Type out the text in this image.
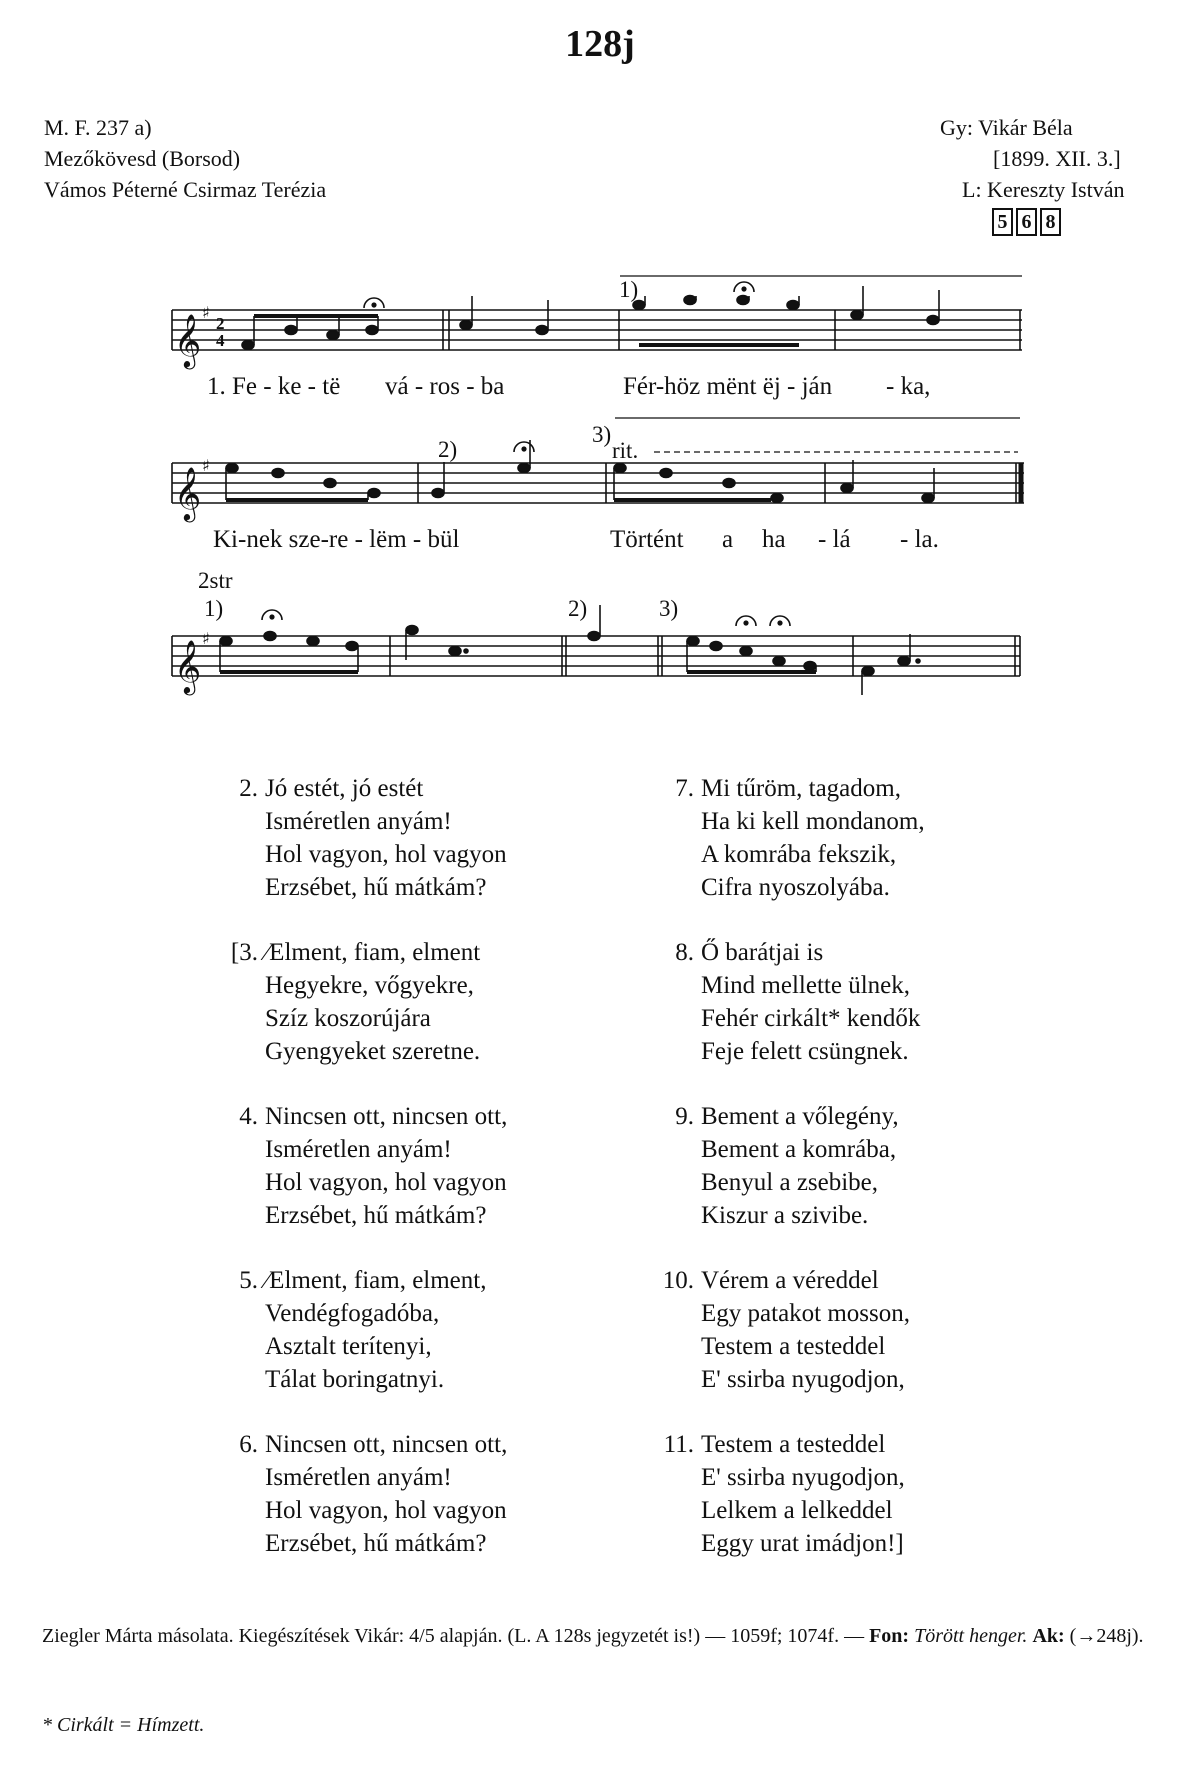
128j
M. F. 237 a)
Mezőkövesd (Borsod)
Vámos Péterné Csirmaz Terézia
Gy: Vikár Béla
[1899. XII. 3.]
L: Kereszty István
5 6 8
𝄞
𝄞
𝄞
♯
♯
♯
2
4
1)
1. Fe - ke - të vá - ros - ba	Fér-höz mënt ëj - ján - ka,
2)
3)
rit.
Ki-nek sze-re - lëm - bül	Történt a ha - lá - la.
2str
1)	2)	3)
2. Jó estét, jó estét
Isméretlen anyám!
Hol vagyon, hol vagyon
Erzsébet, hű mátkám?
[3. ⁄Elment, fiam, elment
Hegyekre, vőgyekre,
Szíz koszorújára
Gyengyeket szeretne.
4. Nincsen ott, nincsen ott,
Isméretlen anyám!
Hol vagyon, hol vagyon
Erzsébet, hű mátkám?
5. ⁄Elment, fiam, elment,
Vendégfogadóba,
Asztalt terítenyi,
Tálat boringatnyi.
6. Nincsen ott, nincsen ott,
Isméretlen anyám!
Hol vagyon, hol vagyon
Erzsébet, hű mátkám?
7. Mi tűröm, tagadom,
Ha ki kell mondanom,
A komrába fekszik,
Cifra nyoszolyába.
8. Ő barátjai is
Mind mellette ülnek,
Fehér cirkált* kendők
Feje felett csüngnek.
9. Bement a vőlegény,
Bement a komrába,
Benyul a zsebibe,
Kiszur a szivibe.
10. Vérem a véreddel
Egy patakot mosson,
Testem a testeddel
E' ssirba nyugodjon,
11. Testem a testeddel
E' ssirba nyugodjon,
Lelkem a lelkeddel
Eggy urat imádjon!]
Ziegler Márta másolata. Kiegészítések Vikár: 4/5 alapján. (L. A 128s jegyzetét is!) — 1059f; 1074f. — Fon: Törött henger. Ak: (→248j).
* Cirkált = Hímzett.
